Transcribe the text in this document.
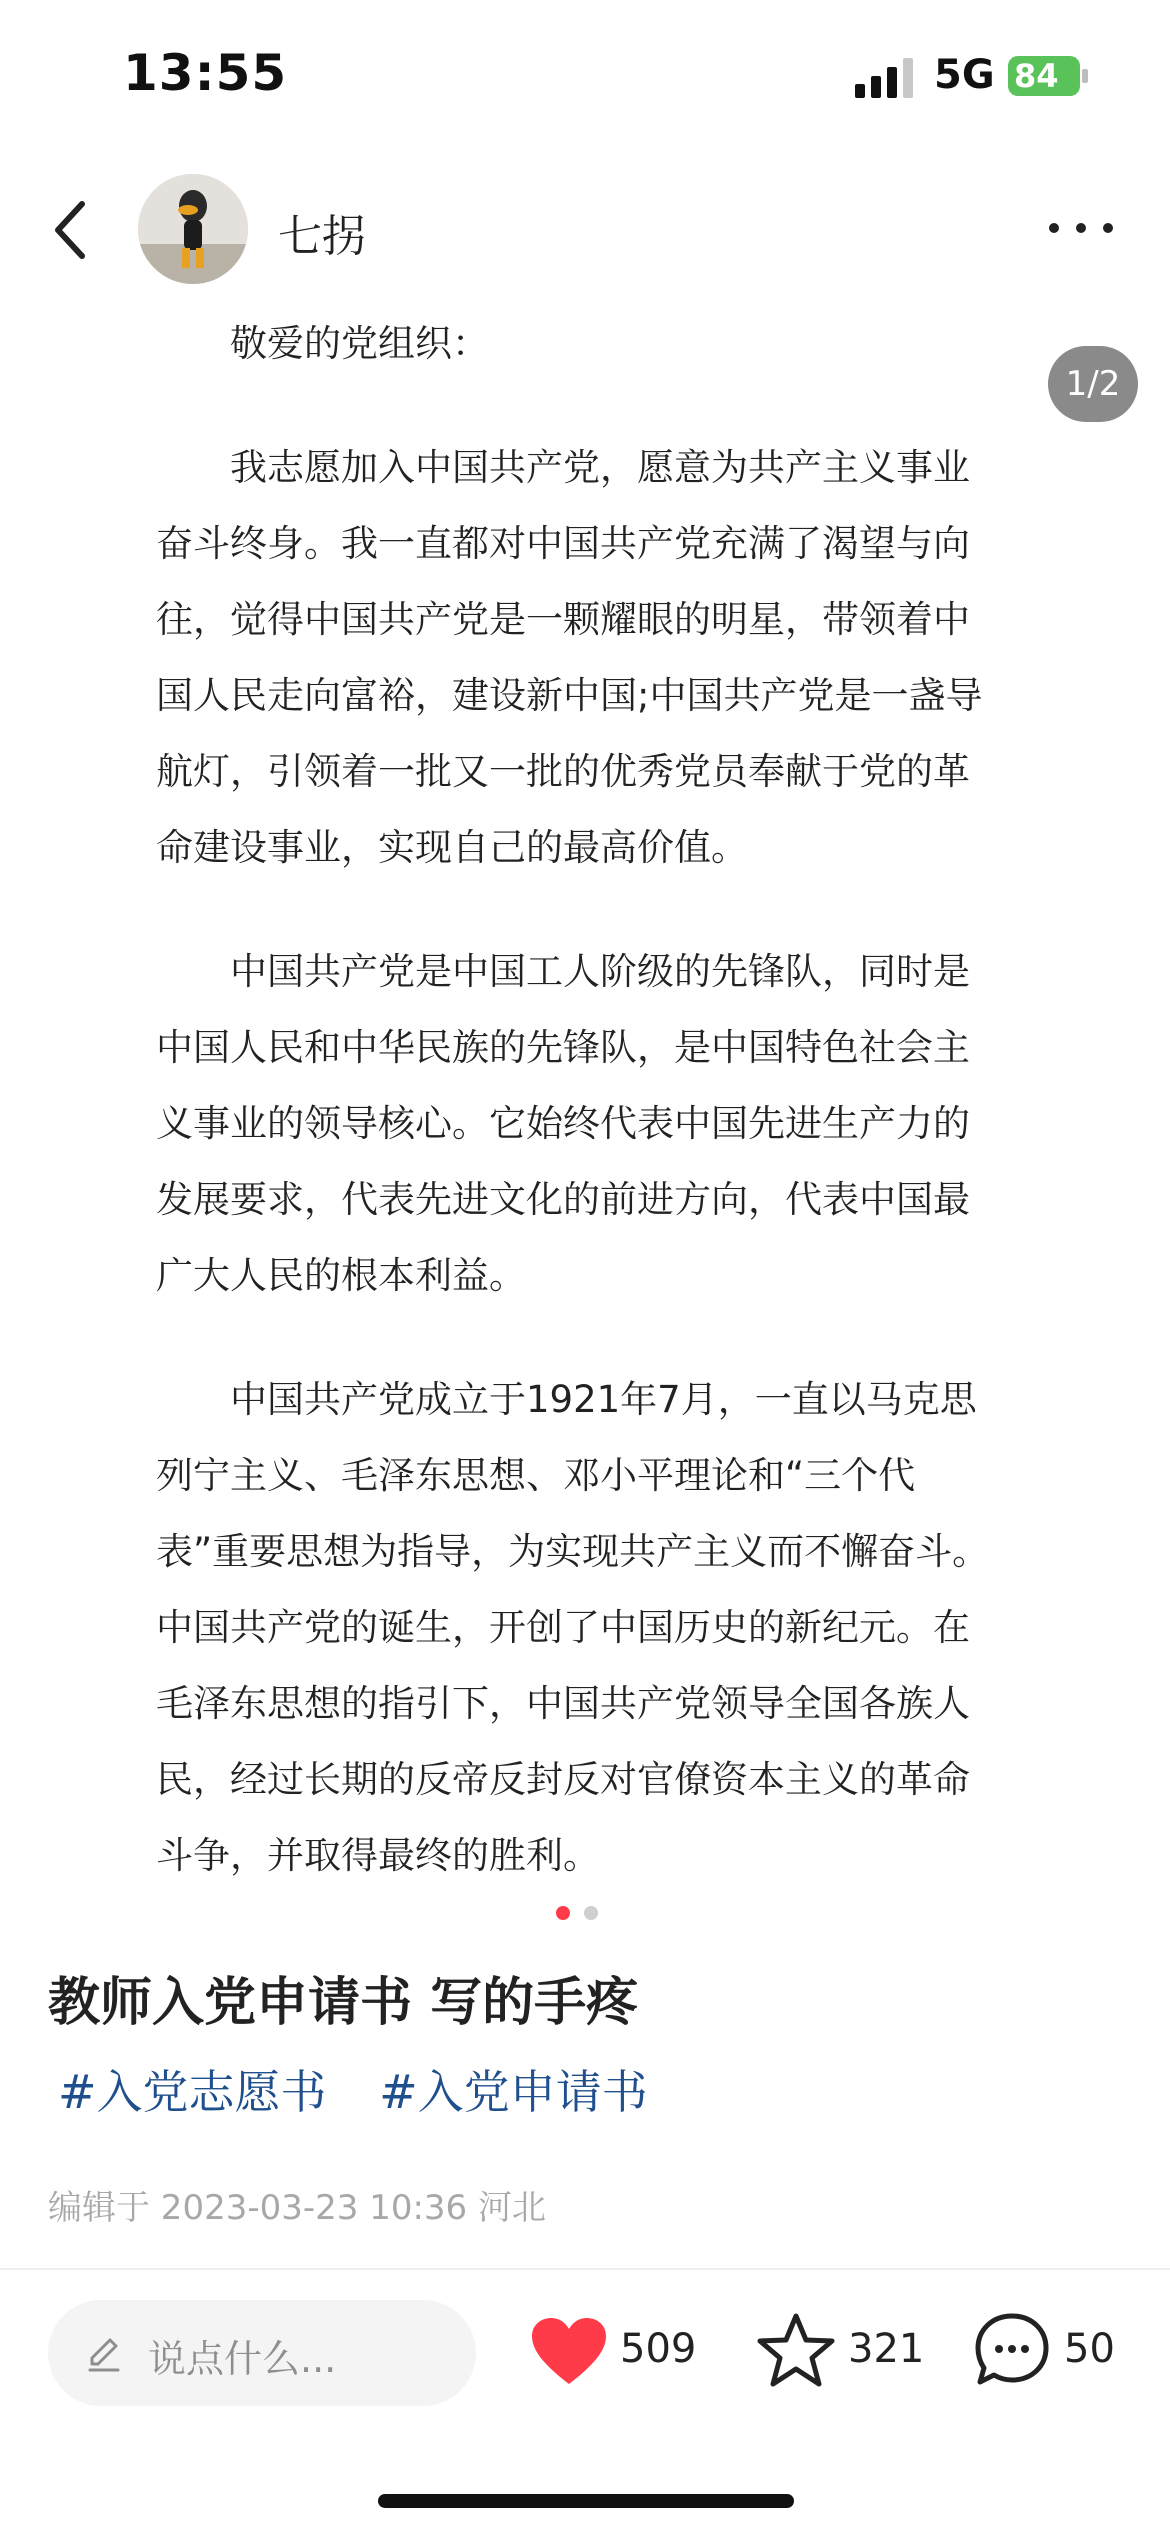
13:55	5G 84
七拐

敬爱的党组织：

我志愿加入中国共产党，愿意为共产主义事业奋斗终身。我一直都对中国共产党充满了渴望与向往，觉得中国共产党是一颗耀眼的明星，带领着中国人民走向富裕，建设新中国;中国共产党是一盏导航灯，引领着一批又一批的优秀党员奉献于党的革命建设事业，实现自己的最高价值。

中国共产党是中国工人阶级的先锋队，同时是中国人民和中华民族的先锋队，是中国特色社会主义事业的领导核心。它始终代表中国先进生产力的发展要求，代表先进文化的前进方向，代表中国最广大人民的根本利益。

中国共产党成立于1921年7月，一直以马克思列宁主义、毛泽东思想、邓小平理论和“三个代表”重要思想为指导，为实现共产主义而不懈奋斗。中国共产党的诞生，开创了中国历史的新纪元。在毛泽东思想的指引下，中国共产党领导全国各族人民，经过长期的反帝反封反对官僚资本主义的革命斗争，并取得最终的胜利。

1/2
教师入党申请书 写的手疼
#入党志愿书 #入党申请书
编辑于 2023-03-23 10:36 河北
说点什么...	509	321	50
